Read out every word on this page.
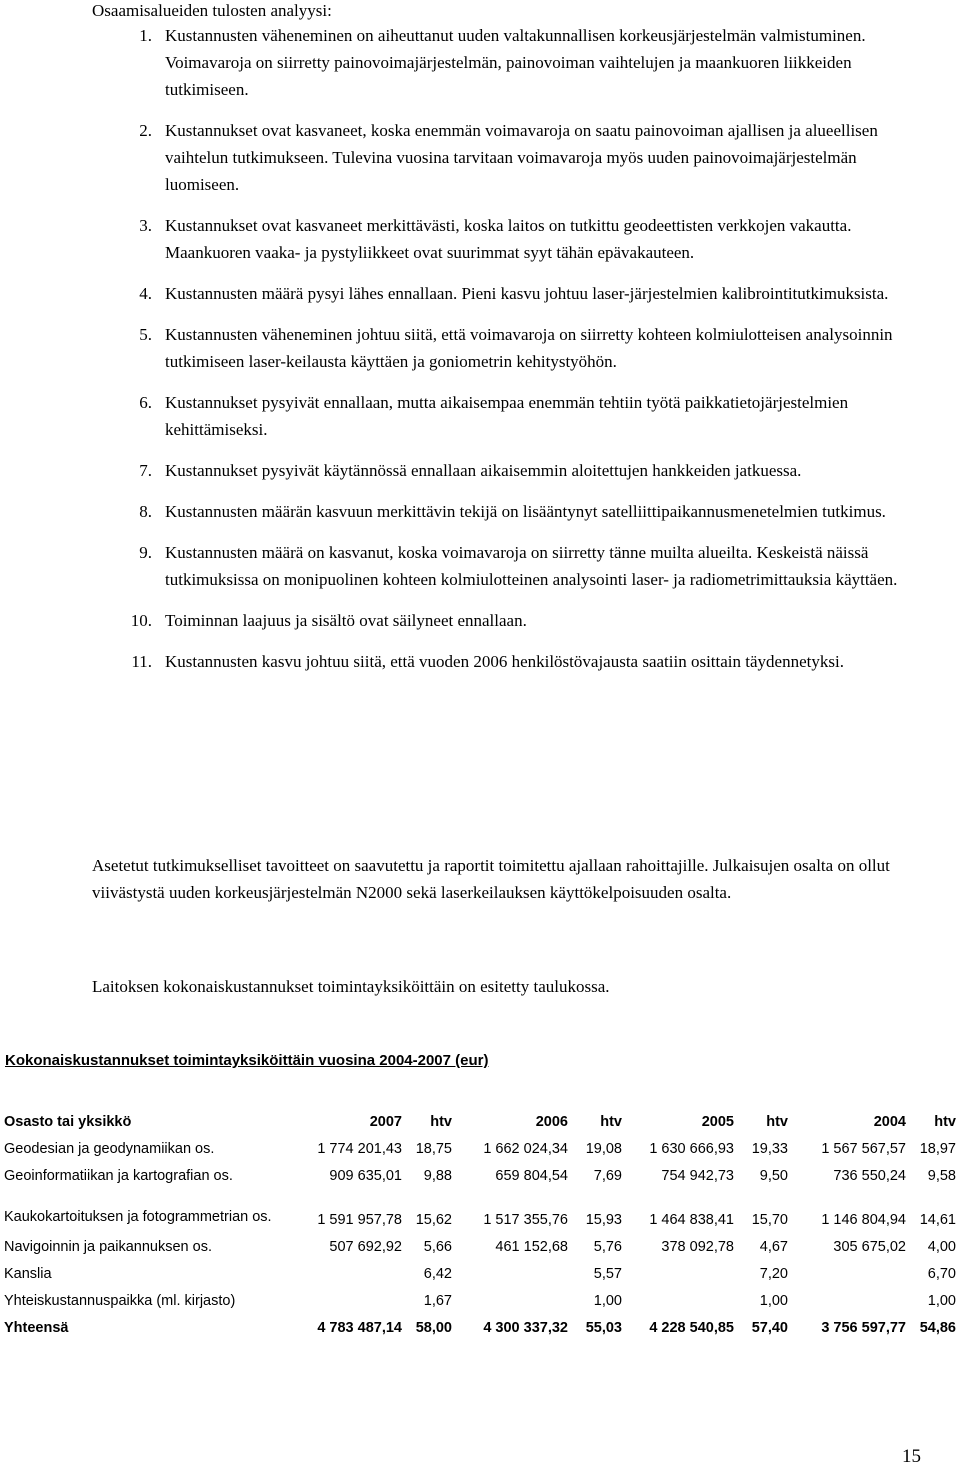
Osaamisalueiden tulosten analyysi:
1. Kustannusten väheneminen on aiheuttanut uuden valtakunnallisen korkeusjärjestelmän valmistuminen. Voimavaroja on siirretty painovoimajärjestelmän, painovoiman vaihtelujen ja maankuoren liikkeiden tutkimiseen.
2. Kustannukset ovat kasvaneet, koska enemmän voimavaroja on saatu painovoiman ajallisen ja alueellisen vaihtelun tutkimukseen. Tulevina vuosina tarvitaan voimavaroja myös uuden painovoimajärjestelmän luomiseen.
3. Kustannukset ovat kasvaneet merkittävästi, koska laitos on tutkittu geodeettisten verkkojen vakautta. Maankuoren vaaka- ja pystyliikkeet ovat suurimmat syyt tähän epävakauteen.
4. Kustannusten määrä pysyi lähes ennallaan. Pieni kasvu johtuu laser-järjestelmien kalibrointitutkimuksista.
5. Kustannusten väheneminen johtuu siitä, että voimavaroja on siirretty kohteen kolmiulotteisen analysoinnin tutkimiseen laser-keilausta käyttäen ja goniometrin kehitystyöhön.
6. Kustannukset pysyivät ennallaan, mutta aikaisempaa enemmän tehtiin työtä paikkatietojärjestelmien kehittämiseksi.
7. Kustannukset pysyivät käytännössä ennallaan aikaisemmin aloitettujen hankkeiden jatkuessa.
8. Kustannusten määrän kasvuun merkittävin tekijä on lisääntynyt satelliittipaikannusmenetelmien tutkimus.
9. Kustannusten määrä on kasvanut, koska voimavaroja on siirretty tänne muilta alueilta. Keskeistä näissä tutkimuksissa on monipuolinen kohteen kolmiulotteinen analysointi laser- ja radiometrimittauksia käyttäen.
10. Toiminnan laajuus ja sisältö ovat säilyneet ennallaan.
11. Kustannusten kasvu johtuu siitä, että vuoden 2006 henkilöstövajausta saatiin osittain täydennetyksi.
Asetetut tutkimukselliset tavoitteet on saavutettu ja raportit toimitettu ajallaan rahoittajille. Julkaisujen osalta on ollut viivästystä uuden korkeusjärjestelmän N2000 sekä laserkeilauksen käyttökelpoisuuden osalta.
Laitoksen kokonaiskustannukset toimintayksiköittäin on esitetty taulukossa.
Kokonaiskustannukset toimintayksiköittäin vuosina 2004-2007 (eur)
Osasto tai yksikkö	2007	htv	2006	htv	2005	htv	2004	htv
Geodesian ja geodynamiikan os.	1 774 201,43	18,75	1 662 024,34	19,08	1 630 666,93	19,33	1 567 567,57	18,97
Geoinformatiikan ja kartografian os.	909 635,01	9,88	659 804,54	7,69	754 942,73	9,50	736 550,24	9,58
Kaukokartoituksen ja fotogrammetrian os.	1 591 957,78	15,62	1 517 355,76	15,93	1 464 838,41	15,70	1 146 804,94	14,61
Navigoinnin ja paikannuksen os.	507 692,92	5,66	461 152,68	5,76	378 092,78	4,67	305 675,02	4,00
Kanslia		6,42		5,57		7,20		6,70
Yhteiskustannuspaikka (ml. kirjasto)		1,67		1,00		1,00		1,00
Yhteensä	4 783 487,14	58,00	4 300 337,32	55,03	4 228 540,85	57,40	3 756 597,77	54,86
15
